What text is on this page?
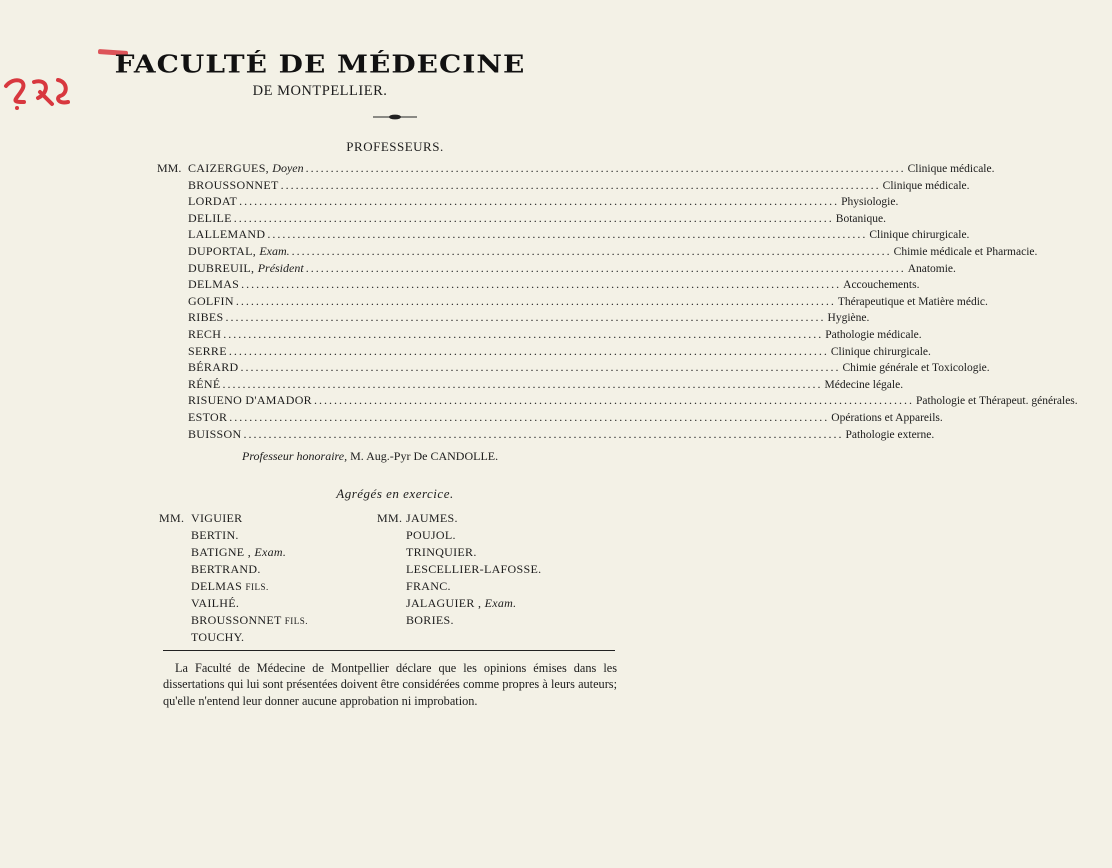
FACULTÉ DE MÉDECINE
DE MONTPELLIER.
PROFESSEURS.
MM. CAIZERGUES, Doyen ........................................................................................................................ Clinique médicale.
BROUSSONNET ........................................................................................................................ Clinique médicale.
LORDAT ........................................................................................................................ Physiologie.
DELILE ........................................................................................................................ Botanique.
LALLEMAND ........................................................................................................................ Clinique chirurgicale.
DUPORTAL, Exam. ........................................................................................................................ Chimie médicale et Pharmacie.
DUBREUIL, Président ........................................................................................................................ Anatomie.
DELMAS ........................................................................................................................ Accouchements.
GOLFIN ........................................................................................................................ Thérapeutique et Matière médic.
RIBES ........................................................................................................................ Hygiène.
RECH ........................................................................................................................ Pathologie médicale.
SERRE ........................................................................................................................ Clinique chirurgicale.
BÉRARD ........................................................................................................................ Chimie générale et Toxicologie.
RÉNÉ ........................................................................................................................ Médecine légale.
RISUENO D'AMADOR ........................................................................................................................ Pathologie et Thérapeut. générales.
ESTOR ........................................................................................................................ Opérations et Appareils.
BUISSON ........................................................................................................................ Pathologie externe.
Professeur honoraire, M. Aug.-Pyr De CANDOLLE.
Agrégés en exercice.
MM. VIGUIER
BERTIN.
BATIGNE , Exam.
BERTRAND.
DELMAS FILS.
VAILHÉ.
BROUSSONNET FILS.
TOUCHY.
MM. JAUMES.
POUJOL.
TRINQUIER.
LESCELLIER-LAFOSSE.
FRANC.
JALAGUIER , Exam.
BORIES.
La Faculté de Médecine de Montpellier déclare que les opinions émises dans les dissertations qui lui sont présentées doivent être considérées comme propres à leurs auteurs; qu'elle n'entend leur donner aucune approbation ni improbation.
